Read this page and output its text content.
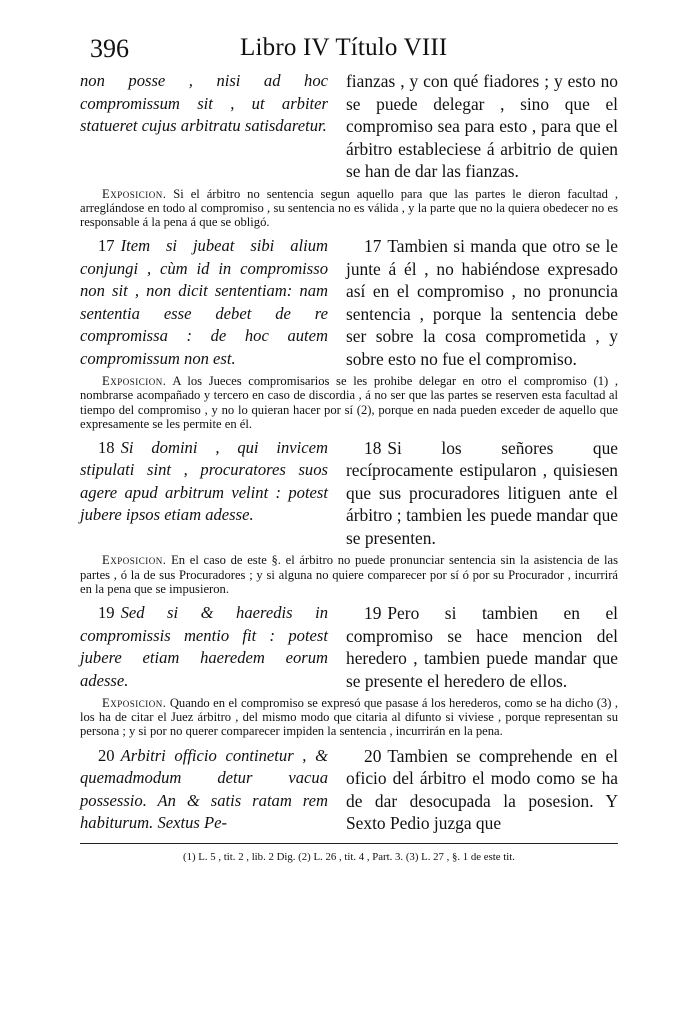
396	Libro IV Título VIII
non posse , nisi ad hoc compromissum sit , ut arbiter statueret cujus arbitratu satisdaretur.
fianzas , y con qué fiadores ; y esto no se puede delegar , sino que el compromiso sea para esto , para que el árbitro estableciese á arbitrio de quien se han de dar las fianzas.
Exposicion. Si el árbitro no sentencia segun aquello para que las partes le dieron facultad , arreglándose en todo al compromiso , su sentencia no es válida , y la parte que no la quiera obedecer no es responsable á la pena á que se obligó.
17 Item si jubeat sibi alium conjungi , cùm id in compromisso non sit , non dicit sententiam: nam sententia esse debet de re compromissa : de hoc autem compromissum non est.
17 Tambien si manda que otro se le junte á él , no habiéndose expresado así en el compromiso , no pronuncia sentencia , porque la sentencia debe ser sobre la cosa comprometida , y sobre esto no fue el compromiso.
Exposicion. A los Jueces compromisarios se les prohibe delegar en otro el compromiso (1) , nombrarse acompañado y tercero en caso de discordia , á no ser que las partes se reserven esta facultad al tiempo del compromiso , y no lo quieran hacer por sí (2), porque en nada pueden exceder de aquello que expresamente se les permite en él.
18 Si domini , qui invicem stipulati sint , procuratores suos agere apud arbitrum velint : potest jubere ipsos etiam adesse.
18 Si los señores que recíprocamente estipularon , quisiesen que sus procuradores litiguen ante el árbitro ; tambien les puede mandar que se presenten.
Exposicion. En el caso de este §. el árbitro no puede pronunciar sentencia sin la asistencia de las partes , ó la de sus Procuradores ; y si alguna no quiere comparecer por sí ó por su Procurador , incurrirá en la pena que se impusieron.
19 Sed si & haeredis in compromissis mentio fit : potest jubere etiam haeredem eorum adesse.
19 Pero si tambien en el compromiso se hace mencion del heredero , tambien puede mandar que se presente el heredero de ellos.
Exposicion. Quando en el compromiso se expresó que pasase á los herederos, como se ha dicho (3) , los ha de citar el Juez árbitro , del mismo modo que citaria al difunto si viviese , porque representan su persona ; y si por no querer comparecer impiden la sentencia , incurrirán en la pena.
20 Arbitri officio continetur , & quemadmodum detur vacua possessio. An & satis ratam rem habiturum. Sextus Pe-
20 Tambien se comprehende en el oficio del árbitro el modo como se ha de dar desocupada la posesion. Y Sexto Pedio juzga que
(1) L. 5 , tit. 2 , lib. 2 Dig. (2) L. 26 , tit. 4 , Part. 3. (3) L. 27 , §. 1 de este tit.
